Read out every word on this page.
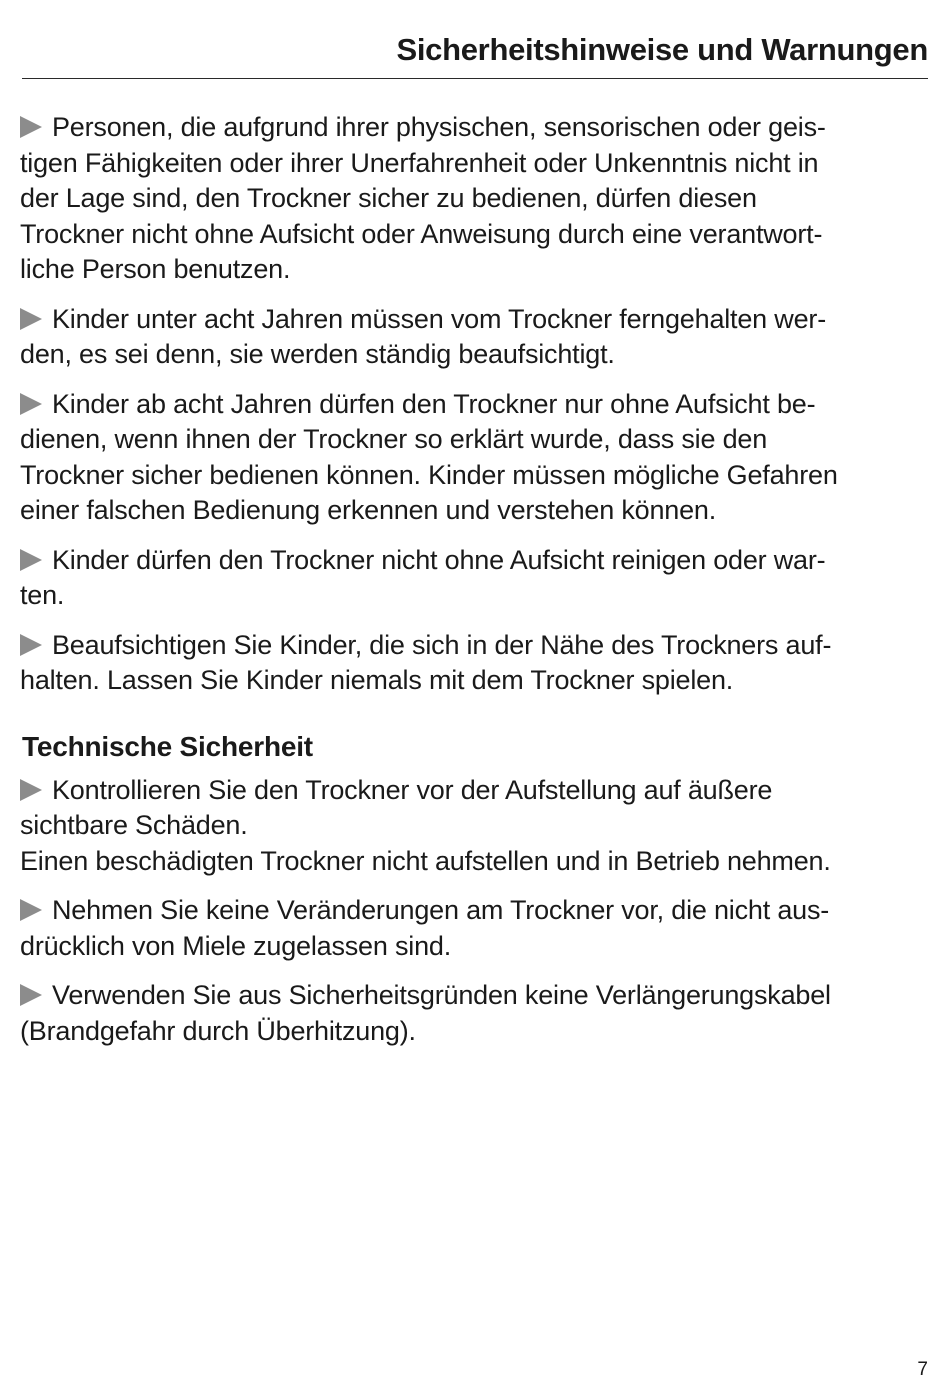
Sicherheitshinweise und Warnungen

Personen, die aufgrund ihrer physischen, sensorischen oder geis-
tigen Fähigkeiten oder ihrer Unerfahrenheit oder Unkenntnis nicht in
der Lage sind, den Trockner sicher zu bedienen, dürfen diesen
Trockner nicht ohne Aufsicht oder Anweisung durch eine verantwort-
liche Person benutzen.

Kinder unter acht Jahren müssen vom Trockner ferngehalten wer-
den, es sei denn, sie werden ständig beaufsichtigt.

Kinder ab acht Jahren dürfen den Trockner nur ohne Aufsicht be-
dienen, wenn ihnen der Trockner so erklärt wurde, dass sie den
Trockner sicher bedienen können. Kinder müssen mögliche Gefahren
einer falschen Bedienung erkennen und verstehen können.

Kinder dürfen den Trockner nicht ohne Aufsicht reinigen oder war-
ten.

Beaufsichtigen Sie Kinder, die sich in der Nähe des Trockners auf-
halten. Lassen Sie Kinder niemals mit dem Trockner spielen.

Technische Sicherheit

Kontrollieren Sie den Trockner vor der Aufstellung auf äußere
sichtbare Schäden.
Einen beschädigten Trockner nicht aufstellen und in Betrieb nehmen.

Nehmen Sie keine Veränderungen am Trockner vor, die nicht aus-
drücklich von Miele zugelassen sind.

Verwenden Sie aus Sicherheitsgründen keine Verlängerungskabel
(Brandgefahr durch Überhitzung).

7
